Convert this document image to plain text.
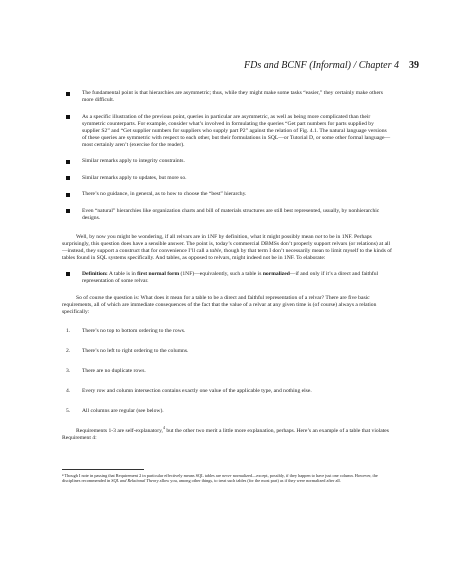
FDs and BCNF (Informal) / Chapter 4 39
The fundamental point is that hierarchies are asymmetric; thus, while they might make some tasks “easier,” they certainly make others more difficult.
As a specific illustration of the previous point, queries in particular are asymmetric, as well as being more complicated than their symmetric counterparts. For example, consider what’s involved in formulating the queries “Get part numbers for parts supplied by supplier S2” and “Get supplier numbers for suppliers who supply part P2” against the relation of Fig. 4.1. The natural language versions of these queries are symmetric with respect to each other, but their formulations in SQL—or Tutorial D, or some other formal language—most certainly aren’t (exercise for the reader).
Similar remarks apply to integrity constraints.
Similar remarks apply to updates, but more so.
There’s no guidance, in general, as to how to choose the “best” hierarchy.
Even “natural” hierarchies like organization charts and bill of materials structures are still best represented, usually, by nonhierarchic designs.

Well, by now you might be wondering, if all relvars are in 1NF by definition, what it might possibly mean not to be in 1NF. Perhaps surprisingly, this question does have a sensible answer. The point is, today’s commercial DBMSs don’t properly support relvars (or relations) at all—instead, they support a construct that for convenience I’ll call a table, though by that term I don’t necessarily mean to limit myself to the kinds of tables found in SQL systems specifically. And tables, as opposed to relvars, might indeed not be in 1NF. To elaborate:

Definition: A table is in first normal form (1NF)—equivalently, such a table is normalized—if and only if it’s a direct and faithful representation of some relvar.

So of course the question is: What does it mean for a table to be a direct and faithful representation of a relvar? There are five basic requirements, all of which are immediate consequences of the fact that the value of a relvar at any given time is (of course) always a relation specifically:

1. There’s no top to bottom ordering to the rows.
2. There’s no left to right ordering to the columns.
3. There are no duplicate rows.
4. Every row and column intersection contains exactly one value of the applicable type, and nothing else.
5. All columns are regular (see below).

Requirements 1-3 are self-explanatory,$^4$ but the other two merit a little more explanation, perhaps. Here’s an example of a table that violates Requirement 4:

⁴ Though I note in passing that Requirement 2 in particular effectively means SQL tables are never normalized—except, possibly, if they happen to have just one column. However, the disciplines recommended in SQL and Relational Theory allow you, among other things, to treat such tables (for the most part) as if they were normalized after all.
